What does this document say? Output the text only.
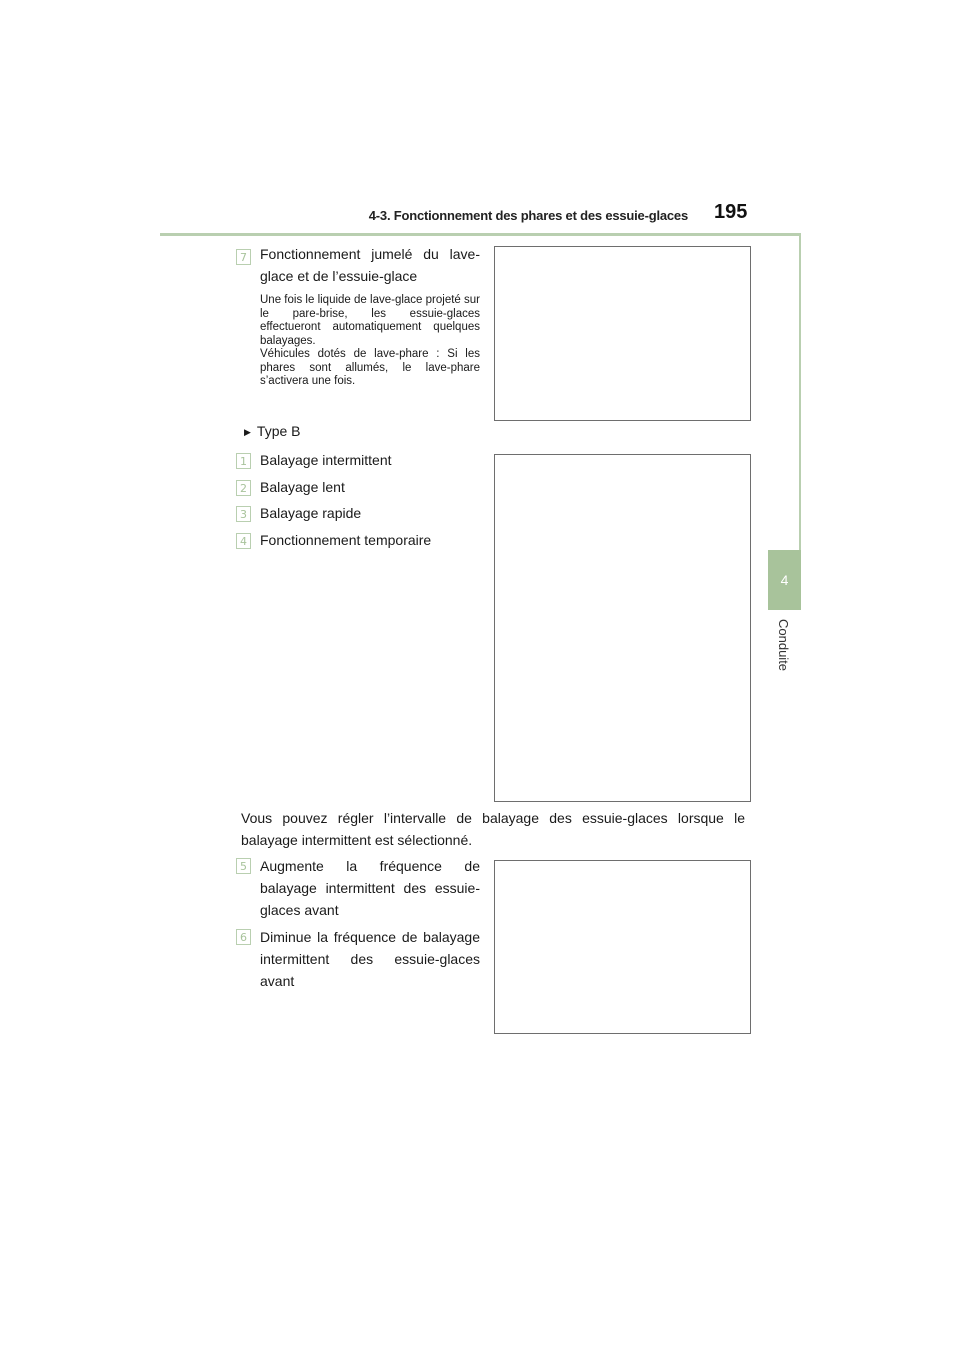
4-3. Fonctionnement des phares et des essuie-glaces 195
4
Conduite
7 Fonctionnement jumelé du lave-glace et de l’essuie-glace

Une fois le liquide de lave-glace projeté sur le pare-brise, les essuie-glaces effectueront automatiquement quelques balayages.

Véhicules dotés de lave-phare : Si les phares sont allumés, le lave-phare s’activera une fois.

▶ Type B
1 Balayage intermittent
2 Balayage lent
3 Balayage rapide
4 Fonctionnement temporaire
Vous pouvez régler l’intervalle de balayage des essuie-glaces lorsque le balayage intermittent est sélectionné.
5 Augmente la fréquence de balayage intermittent des essuie-glaces avant
6 Diminue la fréquence de balayage intermittent des essuie-glaces avant
